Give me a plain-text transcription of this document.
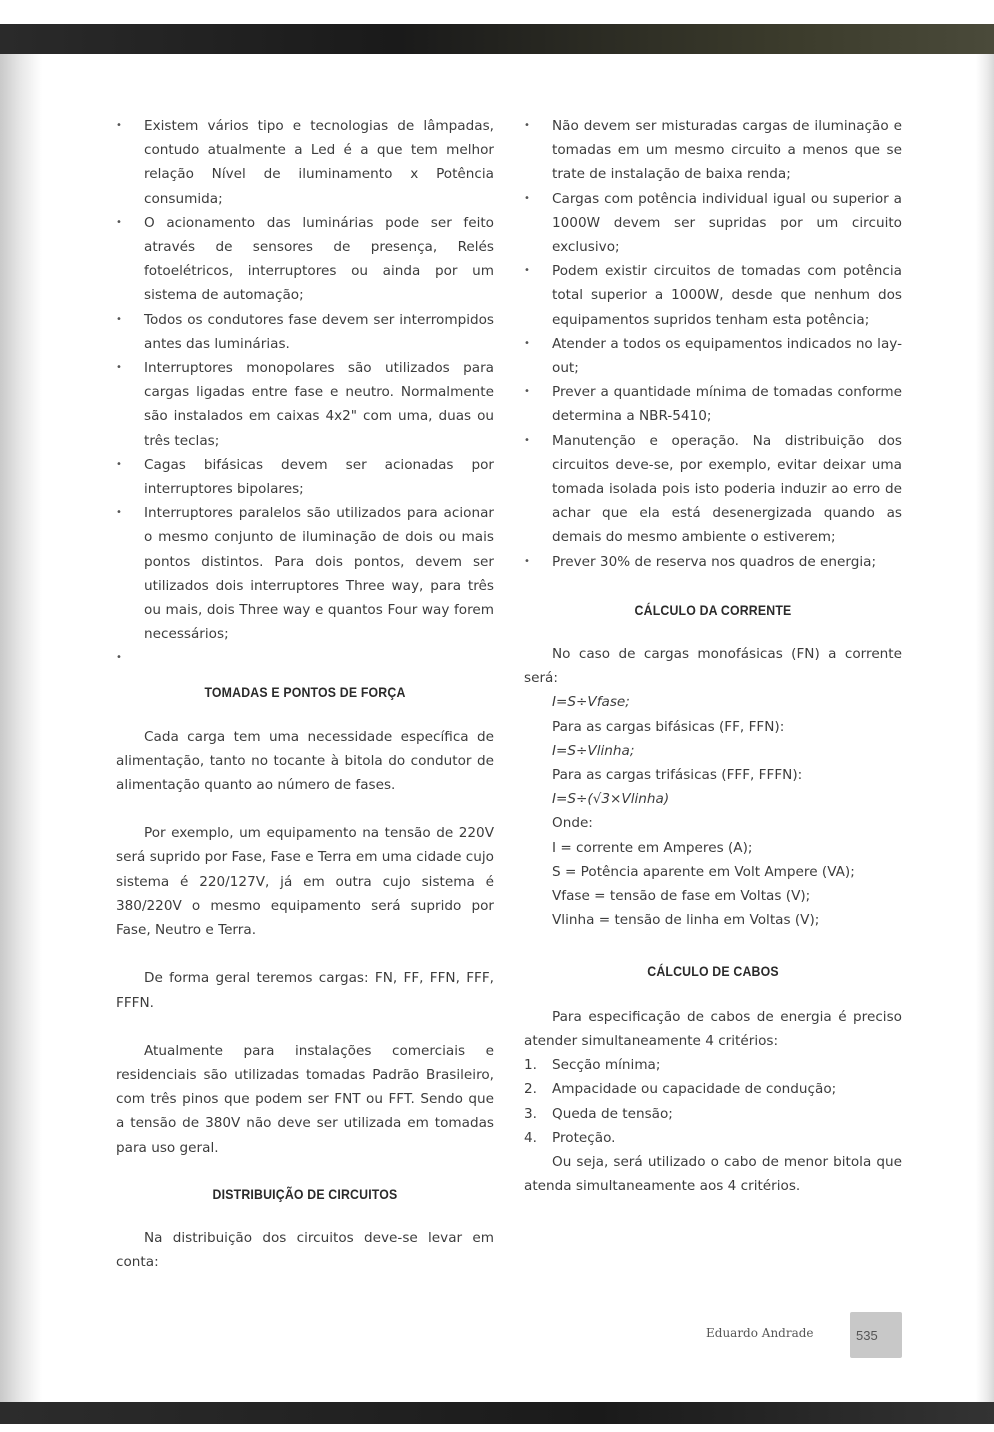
• Existem vários tipo e tecnologias de lâmpadas, contudo atualmente a Led é a que tem melhor relação Nível de iluminamento x Potência consumida;
• O acionamento das luminárias pode ser feito através de sensores de presença, Relés fotoelétricos, interruptores ou ainda por um sistema de automação;
• Todos os condutores fase devem ser interrompidos antes das luminárias.
• Interruptores monopolares são utilizados para cargas ligadas entre fase e neutro. Normalmente são instalados em caixas 4x2" com uma, duas ou três teclas;
• Cagas bifásicas devem ser acionadas por interruptores bipolares;
• Interruptores paralelos são utilizados para acionar o mesmo conjunto de iluminação de dois ou mais pontos distintos. Para dois pontos, devem ser utilizados dois interruptores Three way, para três ou mais, dois Three way e quantos Four way forem necessários;
•
TOMADAS E PONTOS DE FORÇA

Cada carga tem uma necessidade específica de alimentação, tanto no tocante à bitola do condutor de alimentação quanto ao número de fases.

Por exemplo, um equipamento na tensão de 220V será suprido por Fase, Fase e Terra em uma cidade cujo sistema é 220/127V, já em outra cujo sistema é 380/220V o mesmo equipamento será suprido por Fase, Neutro e Terra.

De forma geral teremos cargas: FN, FF, FFN, FFF, FFFN.

Atualmente para instalações comerciais e residenciais são utilizadas tomadas Padrão Brasileiro, com três pinos que podem ser FNT ou FFT. Sendo que a tensão de 380V não deve ser utilizada em tomadas para uso geral.

DISTRIBUIÇÃO DE CIRCUITOS

Na distribuição dos circuitos deve-se levar em conta:

• Não devem ser misturadas cargas de iluminação e tomadas em um mesmo circuito a menos que se trate de instalação de baixa renda;
• Cargas com potência individual igual ou superior a 1000W devem ser supridas por um circuito exclusivo;
• Podem existir circuitos de tomadas com potência total superior a 1000W, desde que nenhum dos equipamentos supridos tenham esta potência;
• Atender a todos os equipamentos indicados no lay-out;
• Prever a quantidade mínima de tomadas conforme determina a NBR-5410;
• Manutenção e operação. Na distribuição dos circuitos deve-se, por exemplo, evitar deixar uma tomada isolada pois isto poderia induzir ao erro de achar que ela está desenergizada quando as demais do mesmo ambiente o estiverem;
• Prever 30% de reserva nos quadros de energia;
CÁLCULO DA CORRENTE

No caso de cargas monofásicas (FN) a corrente será:

I=S÷Vfase;

Para as cargas bifásicas (FF, FFN):

I=S÷Vlinha;

Para as cargas trifásicas (FFF, FFFN):

I=S÷(√3×Vlinha)

Onde:

I = corrente em Amperes (A);

S = Potência aparente em Volt Ampere (VA);

Vfase = tensão de fase em Voltas (V);

Vlinha = tensão de linha em Voltas (V);

CÁLCULO DE CABOS

Para especificação de cabos de energia é preciso atender simultaneamente 4 critérios:

1. Secção mínima;
2. Ampacidade ou capacidade de condução;
3. Queda de tensão;
4. Proteção.

Ou seja, será utilizado o cabo de menor bitola que atenda simultaneamente aos 4 critérios.

Eduardo Andrade	535
